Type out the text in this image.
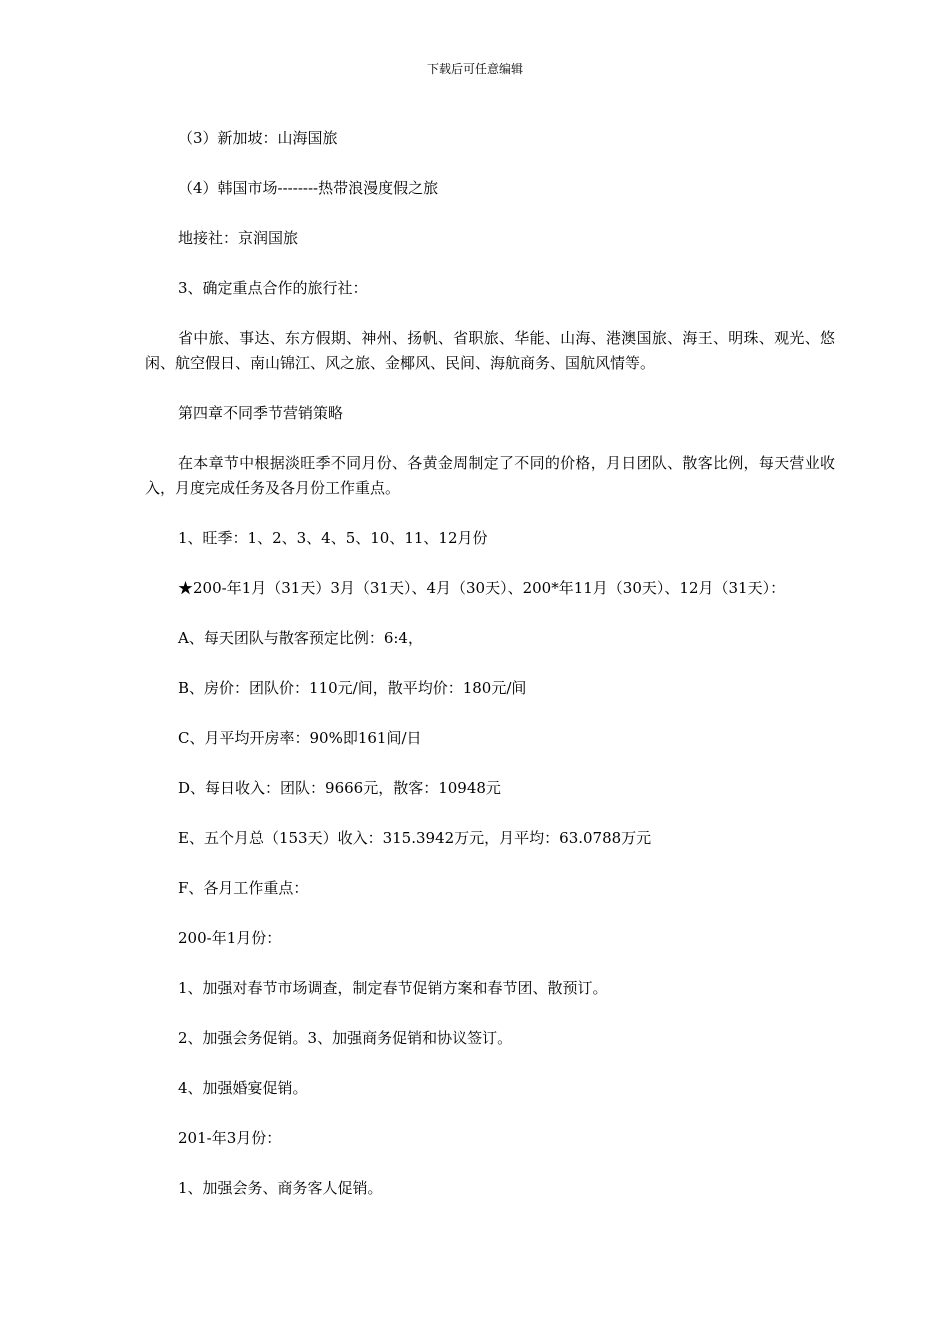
下载后可任意编辑

（3）新加坡：山海国旅

（4）韩国市场--------热带浪漫度假之旅

地接社：京润国旅

3、确定重点合作的旅行社：

省中旅、事达、东方假期、神州、扬帆、省职旅、华能、山海、港澳国旅、海王、明珠、观光、悠闲、航空假日、南山锦江、风之旅、金椰风、民间、海航商务、国航风情等。

第四章不同季节营销策略

在本章节中根据淡旺季不同月份、各黄金周制定了不同的价格，月日团队、散客比例，每天营业收入，月度完成任务及各月份工作重点。

1、旺季：1、2、3、4、5、10、11、12月份

★200-年1月（31天）3月（31天）、4月（30天）、200*年11月（30天）、12月（31天）：

A、每天团队与散客预定比例：6:4，

B、房价：团队价：110元/间，散平均价：180元/间

C、月平均开房率：90%即161间/日

D、每日收入：团队：9666元，散客：10948元

E、五个月总（153天）收入：315.3942万元，月平均：63.0788万元

F、各月工作重点：

200-年1月份：

1、加强对春节市场调查，制定春节促销方案和春节团、散预订。

2、加强会务促销。3、加强商务促销和协议签订。

4、加强婚宴促销。

201-年3月份：

1、加强会务、商务客人促销。
